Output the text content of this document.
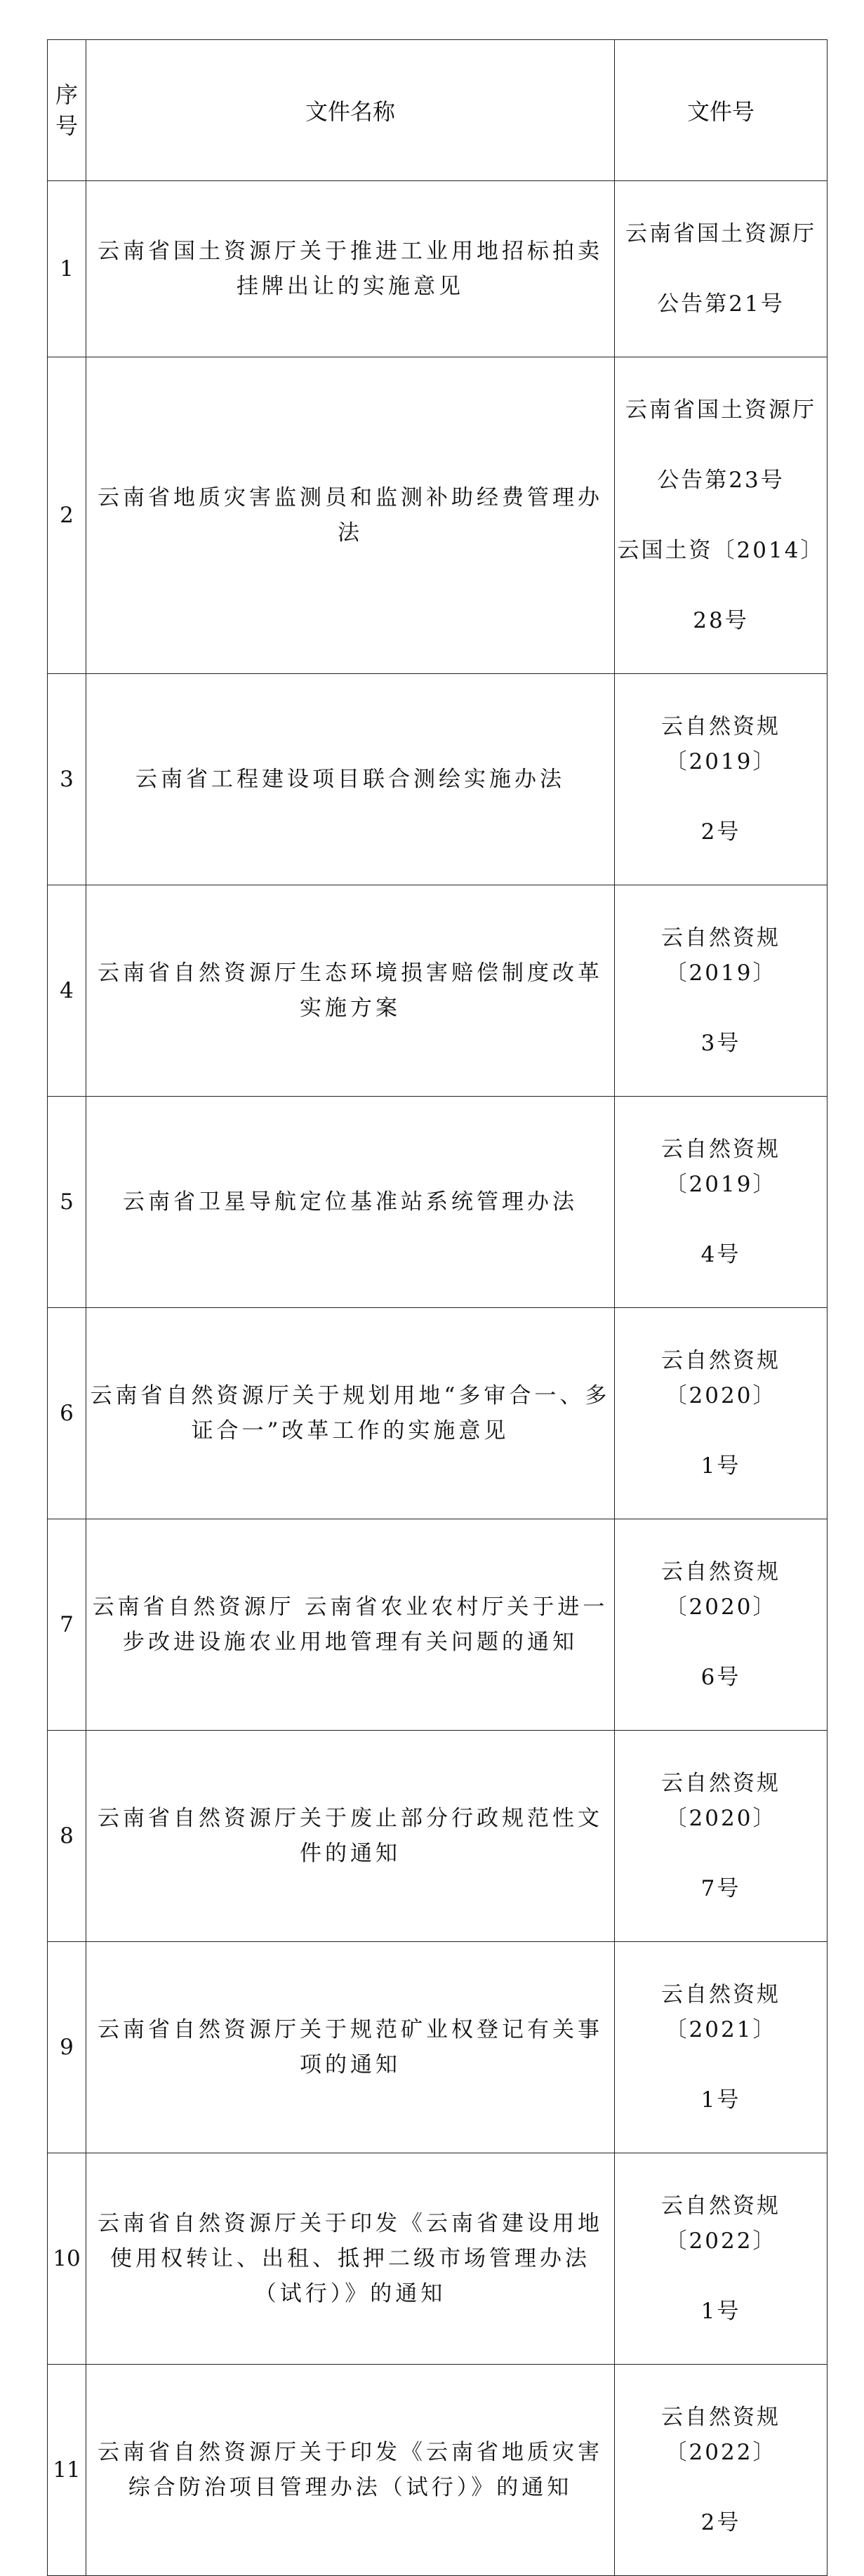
序
号	文件名称	文件号
1	云南省国土资源厅关于推进工业用地招标拍卖挂牌出让的实施意见	云南省国土资源厅

公告第21号

2	云南省地质灾害监测员和监测补助经费管理办法	云南省国土资源厅

公告第23号

云国土资〔2014〕

28号

3	云南省工程建设项目联合测绘实施办法	云自然资规〔2019〕

2号

4	云南省自然资源厅生态环境损害赔偿制度改革实施方案	云自然资规〔2019〕

3号

5	云南省卫星导航定位基准站系统管理办法	云自然资规〔2019〕

4号

6	云南省自然资源厅关于规划用地“多审合一、多证合一”改革工作的实施意见	云自然资规〔2020〕

1号

7	云南省自然资源厅 云南省农业农村厅关于进一步改进设施农业用地管理有关问题的通知	云自然资规〔2020〕

6号

8	云南省自然资源厅关于废止部分行政规范性文件的通知	云自然资规〔2020〕

7号

9	云南省自然资源厅关于规范矿业权登记有关事项的通知	云自然资规〔2021〕

1号

10	云南省自然资源厅关于印发《云南省建设用地使用权转让、出租、抵押二级市场管理办法（试行）》的通知	云自然资规〔2022〕

1号

11	云南省自然资源厅关于印发《云南省地质灾害综合防治项目管理办法（试行）》的通知	云自然资规〔2022〕

2号
